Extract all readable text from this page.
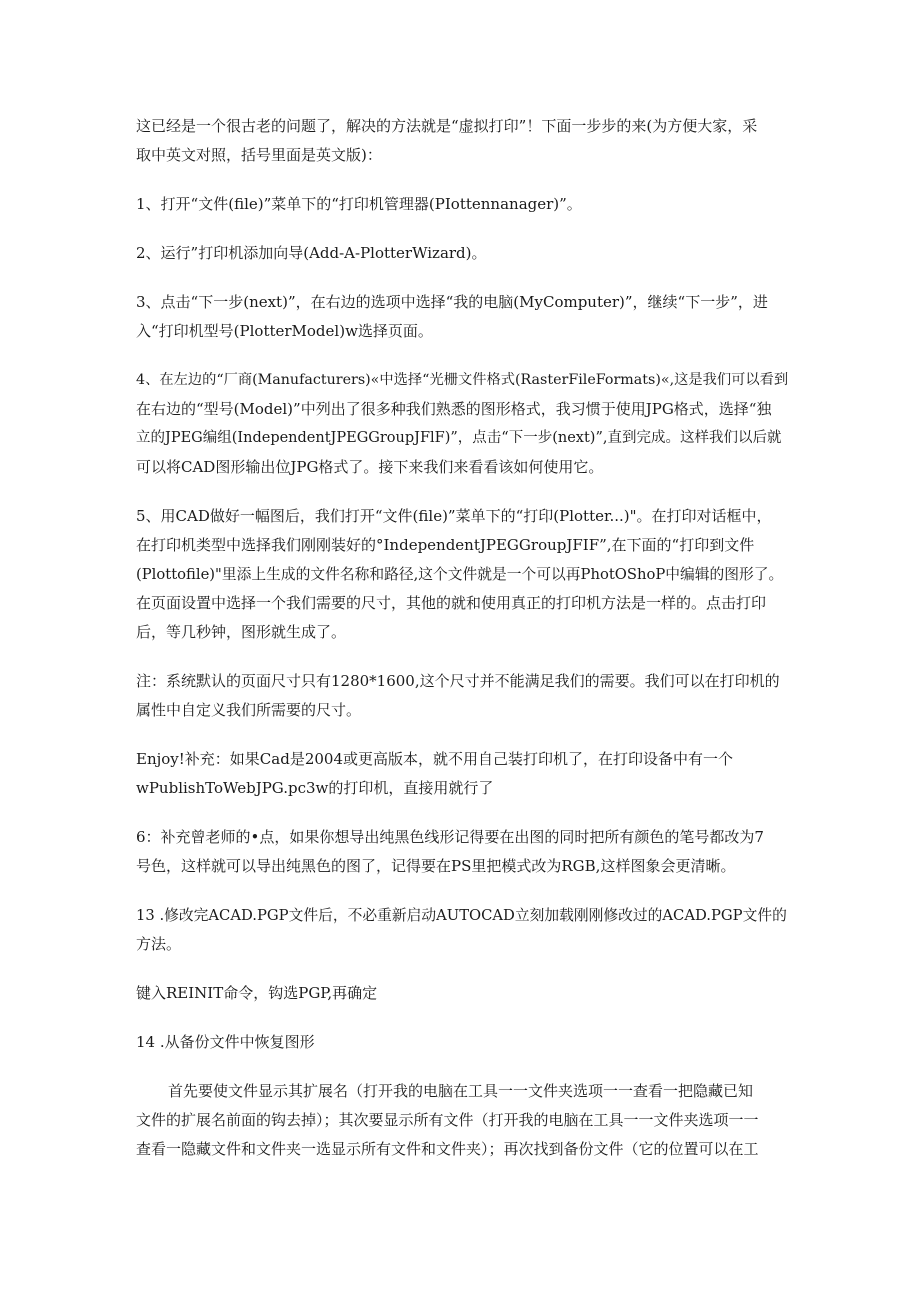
这已经是一个很古老的问题了，解决的方法就是“虚拟打印”！下面一步步的来(为方便大家，采
取中英文对照，括号里面是英文版)：

1、打开“文件(file)”菜单下的“打印机管理器(PIottennanager)”。

2、运行”打印机添加向导(Add-A-PlotterWizard)。

3、点击“下一步(next)”，在右边的选项中选择“我的电脑(MyComputer)”，继续“下一步”，进
入“打印机型号(PlotterModel)w选择页面。

4、在左边的“厂商(Manufacturers)«中选择“光栅文件格式(RasterFileFormats)«,这是我们可以看到
在右边的“型号(Model)”中列出了很多种我们熟悉的图形格式，我习惯于使用JPG格式，选择“独
立的JPEG编组(IndependentJPEGGroupJFlF)”，点击“下一步(next)”,直到完成。这样我们以后就
可以将CAD图形输出位JPG格式了。接下来我们来看看该如何使用它。

5、用CAD做好一幅图后，我们打开“文件(file)”菜单下的“打印(Plotter...)"。在打印对话框中，
在打印机类型中选择我们刚刚装好的°IndependentJPEGGroupJFIF”,在下面的“打印到文件
(Plottofile)"里添上生成的文件名称和路径,这个文件就是一个可以再PhotOShoP中编辑的图形了。
在页面设置中选择一个我们需要的尺寸，其他的就和使用真正的打印机方法是一样的。点击打印
后，等几秒钟，图形就生成了。

注：系统默认的页面尺寸只有1280*1600,这个尺寸并不能满足我们的需要。我们可以在打印机的
属性中自定义我们所需要的尺寸。

Enjoy!补充：如果Cad是2004或更高版本，就不用自己装打印机了，在打印设备中有一个
wPublishToWebJPG.pc3w的打印机，直接用就行了

6：补充曾老师的•点，如果你想导出纯黑色线形记得要在出图的同时把所有颜色的笔号都改为7
号色，这样就可以导出纯黑色的图了，记得要在PS里把模式改为RGB,这样图象会更清晰。

13 .修改完ACAD.PGP文件后，不必重新启动AUTOCAD立刻加载刚刚修改过的ACAD.PGP文件的
方法。

键入REINIT命令，钩选PGP,再确定

14 .从备份文件中恢复图形

首先要使文件显示其扩展名（打开我的电脑在工具一一文件夹选项一一查看一把隐藏已知
文件的扩展名前面的钩去掉）；其次要显示所有文件（打开我的电脑在工具一一文件夹选项一一
查看一隐藏文件和文件夹一选显示所有文件和文件夹）；再次找到备份文件（它的位置可以在工
